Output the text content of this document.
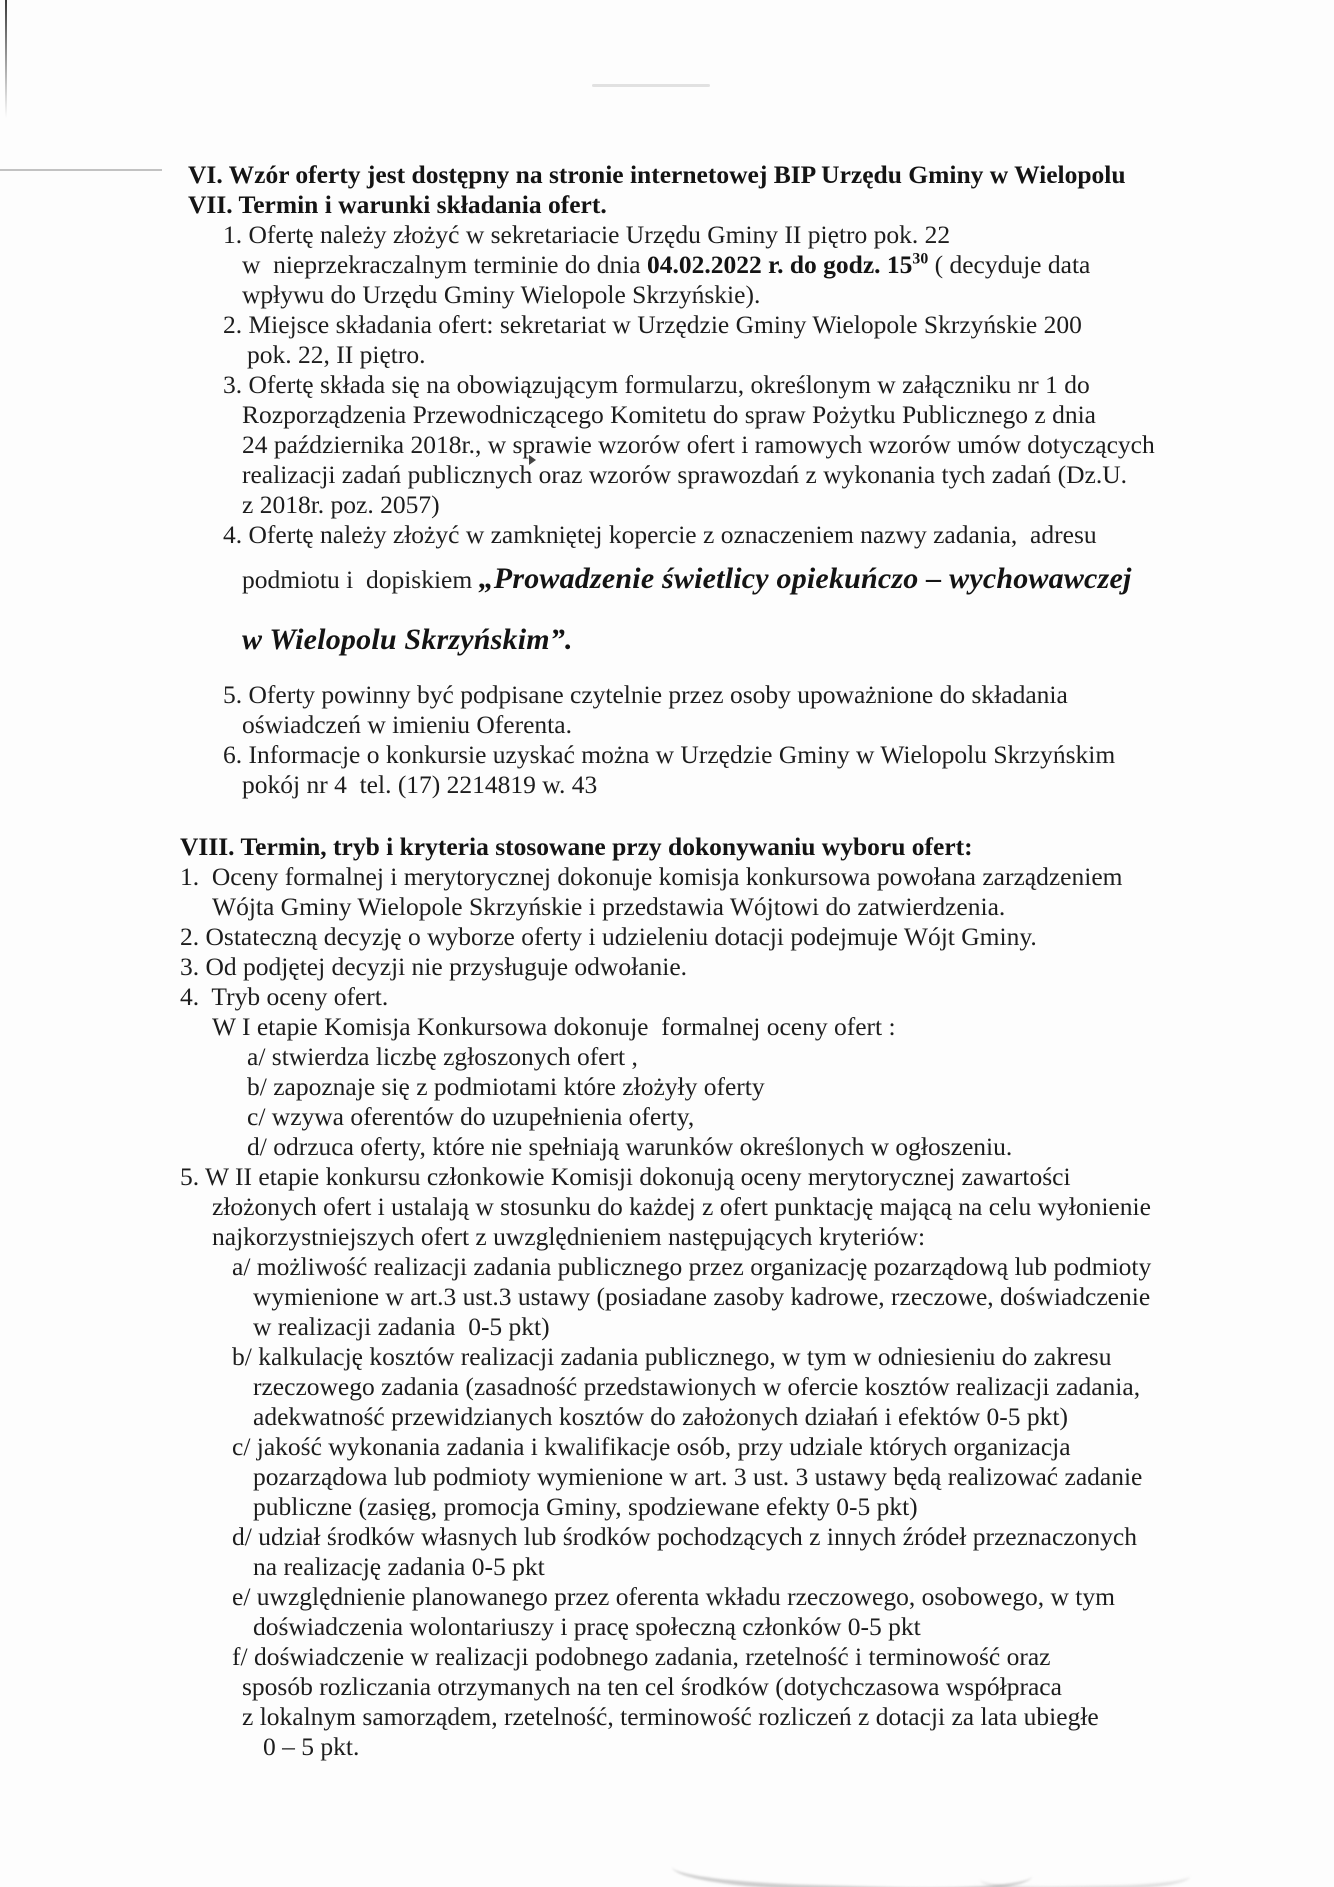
VI. Wzór oferty jest dostępny na stronie internetowej BIP Urzędu Gminy w Wielopolu
VII. Termin i warunki składania ofert.
1. Ofertę należy złożyć w sekretariacie Urzędu Gminy II piętro pok. 22
w  nieprzekraczalnym terminie do dnia 04.02.2022 r. do godz. $15^{30}$ ( decyduje data
wpływu do Urzędu Gminy Wielopole Skrzyńskie).
2. Miejsce składania ofert: sekretariat w Urzędzie Gminy Wielopole Skrzyńskie 200
pok. 22, II piętro.
3. Ofertę składa się na obowiązującym formularzu, określonym w załączniku nr 1 do
Rozporządzenia Przewodniczącego Komitetu do spraw Pożytku Publicznego z dnia
24 października 2018r., w sprawie wzorów ofert i ramowych wzorów umów dotyczących
realizacji zadań publicznych oraz wzorów sprawozdań z wykonania tych zadań (Dz.U.
z 2018r. poz. 2057)
4. Ofertę należy złożyć w zamkniętej kopercie z oznaczeniem nazwy zadania,  adresu
podmiotu i  dopiskiem „Prowadzenie świetlicy opiekuńczo – wychowawczej
w Wielopolu Skrzyńskim”.
5. Oferty powinny być podpisane czytelnie przez osoby upoważnione do składania
oświadczeń w imieniu Oferenta.
6. Informacje o konkursie uzyskać można w Urzędzie Gminy w Wielopolu Skrzyńskim
pokój nr 4  tel. (17) 2214819 w. 43
VIII. Termin, tryb i kryteria stosowane przy dokonywaniu wyboru ofert:
1.  Oceny formalnej i merytorycznej dokonuje komisja konkursowa powołana zarządzeniem
Wójta Gminy Wielopole Skrzyńskie i przedstawia Wójtowi do zatwierdzenia.
2. Ostateczną decyzję o wyborze oferty i udzieleniu dotacji podejmuje Wójt Gminy.
3. Od podjętej decyzji nie przysługuje odwołanie.
4.  Tryb oceny ofert.
W I etapie Komisja Konkursowa dokonuje  formalnej oceny ofert :
a/ stwierdza liczbę zgłoszonych ofert ,
b/ zapoznaje się z podmiotami które złożyły oferty
c/ wzywa oferentów do uzupełnienia oferty,
d/ odrzuca oferty, które nie spełniają warunków określonych w ogłoszeniu.
5. W II etapie konkursu członkowie Komisji dokonują oceny merytorycznej zawartości
złożonych ofert i ustalają w stosunku do każdej z ofert punktację mającą na celu wyłonienie
najkorzystniejszych ofert z uwzględnieniem następujących kryteriów:
a/ możliwość realizacji zadania publicznego przez organizację pozarządową lub podmioty
wymienione w art.3 ust.3 ustawy (posiadane zasoby kadrowe, rzeczowe, doświadczenie
w realizacji zadania  0-5 pkt)
b/ kalkulację kosztów realizacji zadania publicznego, w tym w odniesieniu do zakresu
rzeczowego zadania (zasadność przedstawionych w ofercie kosztów realizacji zadania,
adekwatność przewidzianych kosztów do założonych działań i efektów 0-5 pkt)
c/ jakość wykonania zadania i kwalifikacje osób, przy udziale których organizacja
pozarządowa lub podmioty wymienione w art. 3 ust. 3 ustawy będą realizować zadanie
publiczne (zasięg, promocja Gminy, spodziewane efekty 0-5 pkt)
d/ udział środków własnych lub środków pochodzących z innych źródeł przeznaczonych
na realizację zadania 0-5 pkt
e/ uwzględnienie planowanego przez oferenta wkładu rzeczowego, osobowego, w tym
doświadczenia wolontariuszy i pracę społeczną członków 0-5 pkt
f/ doświadczenie w realizacji podobnego zadania, rzetelność i terminowość oraz
sposób rozliczania otrzymanych na ten cel środków (dotychczasowa współpraca
z lokalnym samorządem, rzetelność, terminowość rozliczeń z dotacji za lata ubiegłe
0 – 5 pkt.
